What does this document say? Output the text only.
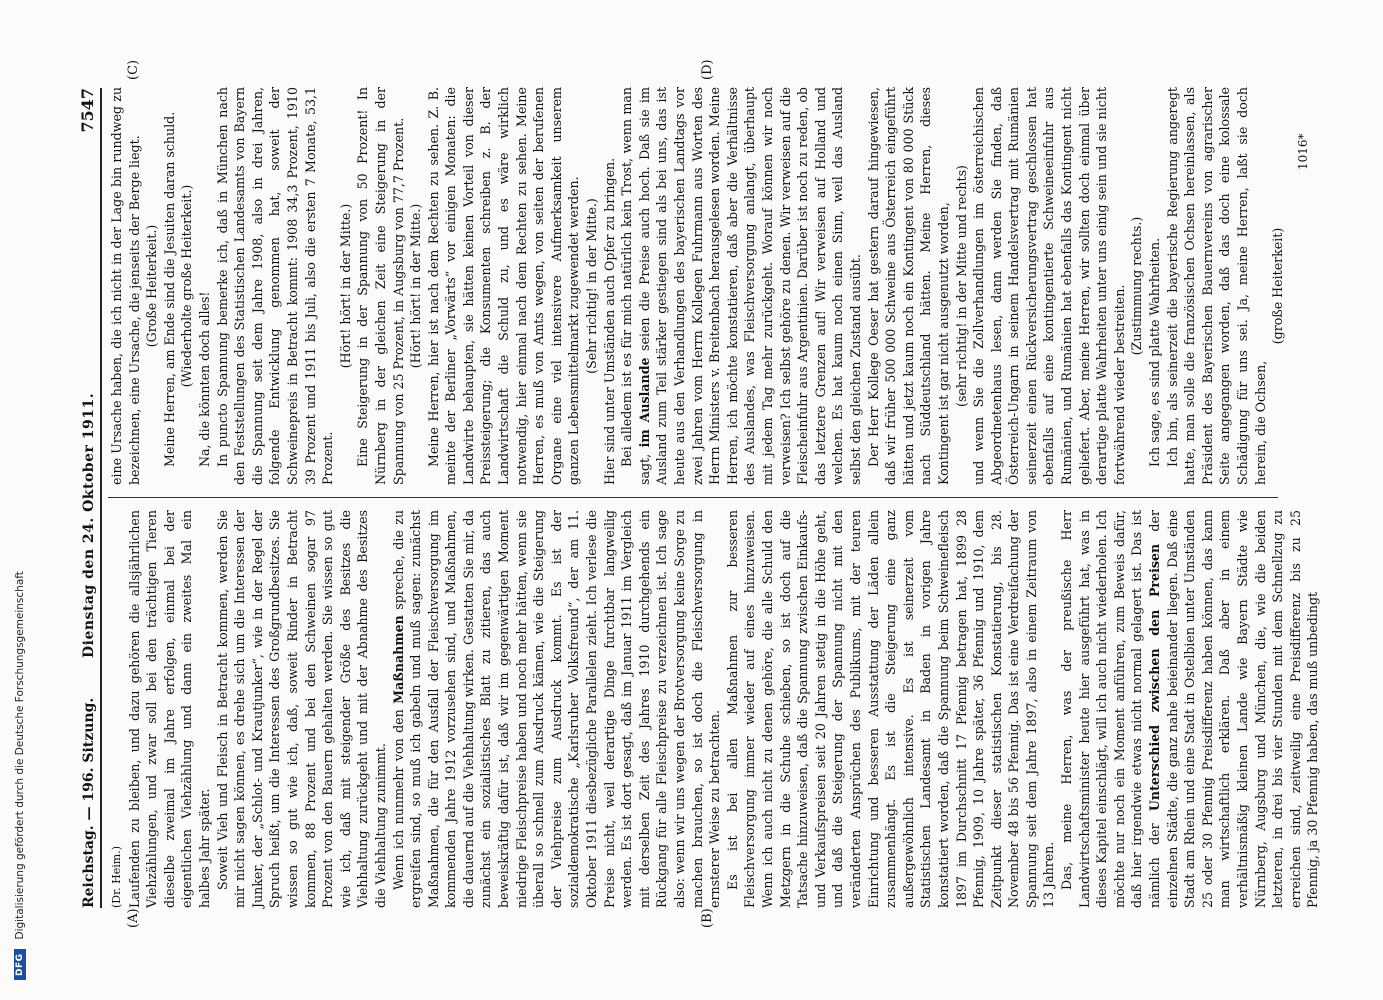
DFG
Digitalisierung gefördert durch die Deutsche Forschungsgemeinschaft	Reichstag. — 196. Sitzung.
Dienstag den 24. Oktober 1911.
7547
(A)	(B)
(C)	(D)

(Dr. Heim.) Laufenden zu bleiben, und dazu gehören die allsjährlichen Viehzählungen, und zwar soll bei den trächtigen Tieren dieselbe zweimal im Jahre erfolgen, einmal bei der eigentlichen Viehzählung und dann ein zweites Mal ein halbes Jahr später. Soweit Vieh und Fleisch in Betracht kommen, werden Sie mir nicht sagen können, es drehe sich um die Interessen der Junker, der „Schlot- und Krautjunker“, wie in der Regel der Spruch heißt, um die Interessen des Großgrundbesitzes. Sie wissen so gut wie ich, daß, soweit Rinder in Betracht kommen, 88 Prozent und bei den Schweinen sogar 97 Prozent von den Bauern gehalten werden. Sie wissen so gut wie ich, daß mit steigender Größe des Besitzes die Viehhaltung zurückgeht und mit der Abnahme des Besitzes die Viehhaltung zunimmt. Wenn ich nunmehr von den Maßnahmen spreche, die zu ergreifen sind, so muß ich gabeln und muß sagen: zunächst Maßnahmen, die für den Ausfall der Fleischversorgung im kommenden Jahre 1912 vorzusehen sind, und Maßnahmen, die dauernd auf die Viehhaltung wirken. Gestatten Sie mir, da zunächst ein sozialistisches Blatt zu zitieren, das auch beweiskräftig dafür ist, daß wir im gegenwärtigen Moment niedrige Fleischpreise haben und noch mehr hätten, wenn sie überall so schnell zum Ausdruck kämen, wie die Steigerung der Viehpreise zum Ausdruck kommt. Es ist der sozialdemokratische „Karlsruher Volksfreund“, der am 11. Oktober 1911 diesbezügliche Parallelen zieht. Ich verlese die Preise nicht, weil derartige Dinge furchtbar langweilig werden. Es ist dort gesagt, daß im Januar 1911 im Vergleich mit derselben Zeit des Jahres 1910 durchgehends ein Rückgang für alle Fleischpreise zu verzeichnen ist. Ich sage also: wenn wir uns wegen der Brotversorgung keine Sorge zu machen brauchen, so ist doch die Fleischversorgung in ernsterer Weise zu betrachten. Es ist bei allen Maßnahmen zur besseren Fleischversorgung immer wieder auf eines hinzuweisen. Wenn ich auch nicht zu denen gehöre, die alle Schuld den Metzgern in die Schuhe schieben, so ist doch auf die Tatsache hinzuweisen, daß die Spannung zwischen Einkaufs- und Verkaufspreisen seit 20 Jahren stetig in die Höhe geht, und daß die Steigerung der Spannung nicht mit den veränderten Ansprüchen des Publikums, mit der teuren Einrichtung und besseren Ausstattung der Läden allein zusammenhängt. Es ist die Steigerung eine ganz außergewöhnlich intensive. Es ist seinerzeit vom Statistischen Landesamt in Baden in vorigen Jahre konstatiert worden, daß die Spannung beim Schweinefleisch 1897 im Durchschnitt 17 Pfennig betragen hat, 1899 28 Pfennig, 1909, 10 Jahre später, 36 Pfennig und 1910, dem Zeitpunkt dieser statistischen Konstatierung, bis 28. November 48 bis 56 Pfennig. Das ist eine Verdreifachung der Spannung seit dem Jahre 1897, also in einem Zeitraum von 13 Jahren. Das, meine Herren, was der preußische Herr Landwirtschaftsminister heute hier ausgeführt hat, was in dieses Kapitel einschlägt, will ich auch nicht wiederholen. Ich möchte nur noch ein Moment anführen, zum Beweis dafür, daß hier irgendwie etwas nicht normal gelagert ist. Das ist nämlich der Unterschied zwischen den Preisen der einzelnen Städte, die ganz nahe beieinander liegen. Daß eine Stadt am Rhein und eine Stadt in Ostelbien unter Umständen 25 oder 30 Pfennig Preisdifferenz haben können, das kann man wirtschaftlich erklären. Daß aber in einem verhältnismäßig kleinen Lande wie Bayern Städte wie Nürnberg, Augsburg und München, die, wie die beiden letzteren, in drei bis vier Stunden mit dem Schnellzug zu erreichen sind, zeitweilig eine Preisdifferenz bis zu 25 Pfennig, ja 30 Pfennig haben, das muß unbedingt

eine Ursache haben, die ich nicht in der Lage bin rundweg zu bezeichnen, eine Ursache, die jenseits der Berge liegt. (Große Heiterkeit.) Meine Herren, am Ende sind die Jesuiten daran schuld. (Wiederholte große Heiterkeit.) Na, die könnten doch alles! In puncto Spannung bemerke ich, daß in München nach den Feststellungen des Statistischen Landesamts von Bayern die Spannung seit dem Jahre 1908, also in drei Jahren, folgende Entwicklung genommen hat, soweit der Schweinepreis in Betracht kommt: 1908 34,3 Prozent, 1910 39 Prozent und 1911 bis Juli, also die ersten 7 Monate, 53,1 Prozent.

(Hört! hört! in der Mitte.) Eine Steigerung in der Spannung von 50 Prozent! In Nürnberg in der gleichen Zeit eine Steigerung in der Spannung von 25 Prozent, in Augsburg von 77,7 Prozent. (Hört! hört! in der Mitte.) Meine Herren, hier ist nach dem Rechten zu sehen. Z. B. meinte der Berliner „Vorwärts“ vor einigen Monaten: die Landwirte behaupten, sie hätten keinen Vorteil von dieser Preissteigerung; die Konsumenten schreiben z. B. der Landwirtschaft die Schuld zu, und es wäre wirklich notwendig, hier einmal nach dem Rechten zu sehen. Meine Herren, es muß von Amts wegen, von seiten der berufenen Organe eine viel intensivere Aufmerksamkeit unserem ganzen Lebensmittelmarkt zugewendet werden. (Sehr richtig! in der Mitte.) Hier sind unter Umständen auch Opfer zu bringen. Bei alledem ist es für mich natürlich kein Trost, wenn man sagt, im Auslande seien die Preise auch hoch. Daß sie im Ausland zum Teil stärker gestiegen sind als bei uns, das ist heute aus den Verhandlungen des bayerischen Landtags vor zwei Jahren vom Herrn Kollegen Fuhrmann aus Worten des Herrn Ministers v. Breitenbach herausgelesen worden. Meine Herren, ich möchte konstatieren, daß aber die Verhältnisse des Auslandes, was Fleischversorgung anlangt, überhaupt mit jedem Tag mehr zurückgeht. Worauf können wir noch verweisen? Ich selbst gehöre zu denen. Wir verweisen auf die Fleischeinfuhr aus Argentinien. Darüber ist noch zu reden, ob das letztere Grenzen auf! Wir verweisen auf Holland und welchen. Es hat kaum noch einen Sinn, weil das Ausland selbst den gleichen Zustand ausübt. Der Herr Kollege Oeser hat gestern darauf hingewiesen, daß wir früher 500 000 Schweine aus Österreich eingeführt hätten und jetzt kaum noch ein Kontingent von 80 000 Stück nach Süddeutschland hätten. Meine Herren, dieses Kontingent ist gar nicht ausgenutzt worden, (sehr richtig! in der Mitte und rechts) und wenn Sie die Zollverhandlungen im österreichischen Abgeordnetenhaus lesen, dann werden Sie finden, daß Österreich-Ungarn in seinem Handelsvertrag mit Rumänien seinerzeit einen Rückversicherungsvertrag geschlossen hat ebenfalls auf eine kontingentierte Schweineeinfuhr aus Rumänien, und Rumänien hat ebenfalls das Kontingent nicht geliefert. Aber, meine Herren, wir sollten doch einmal über derartige platte Wahrheiten unter uns einig sein und sie nicht fortwährend wieder bestreiten. (Zustimmung rechts.) Ich sage, es sind platte Wahrheiten. Ich bin, als seinerzeit die bayerische Regierung angeregt hatte, man solle die französischen Ochsen hereinlassen, als Präsident des Bayerischen Bauernvereins von agrarischer Seite angegangen worden, daß das doch eine kolossale Schädigung für uns sei. Ja, meine Herren, laßt sie doch herein, die Ochsen,

(große Heiterkeit)

1016*
